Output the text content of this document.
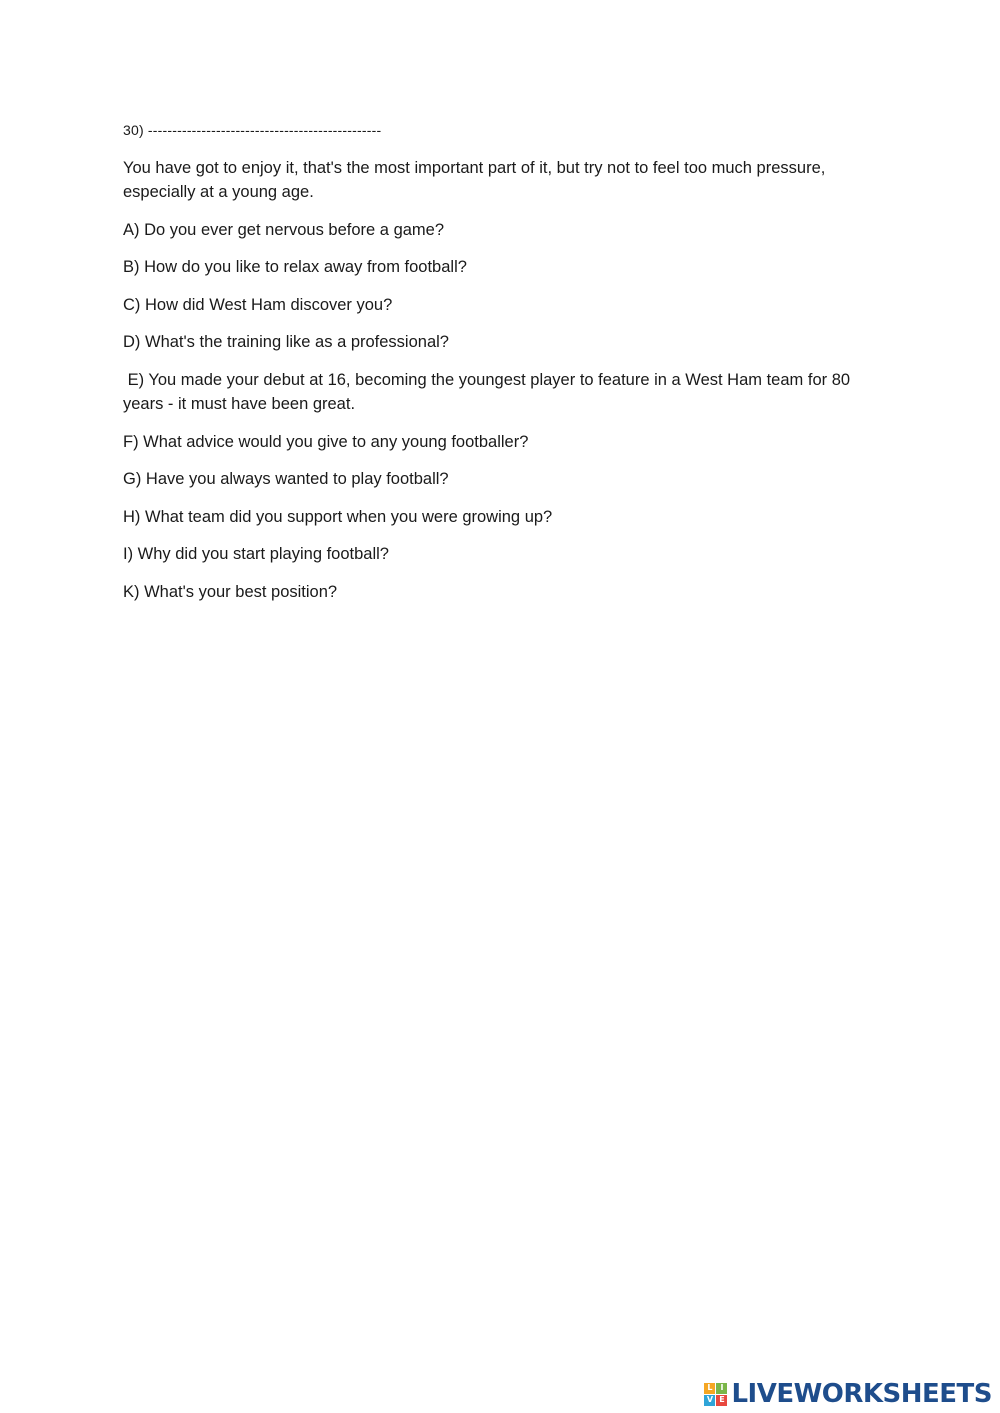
30) ------------------------------------------------

You have got to enjoy it, that's the most important part of it, but try not to feel too much pressure, especially at a young age.

A) Do you ever get nervous before a game?

B) How do you like to relax away from football?

C) How did West Ham discover you?

D) What's the training like as a professional?

E) You made your debut at 16, becoming the youngest player to feature in a West Ham team for 80 years - it must have been great.

F) What advice would you give to any young footballer?

G) Have you always wanted to play football?

H) What team did you support when you were growing up?

I) Why did you start playing football?

K) What's your best position?

L I
V E LIVEWORKSHEETS
